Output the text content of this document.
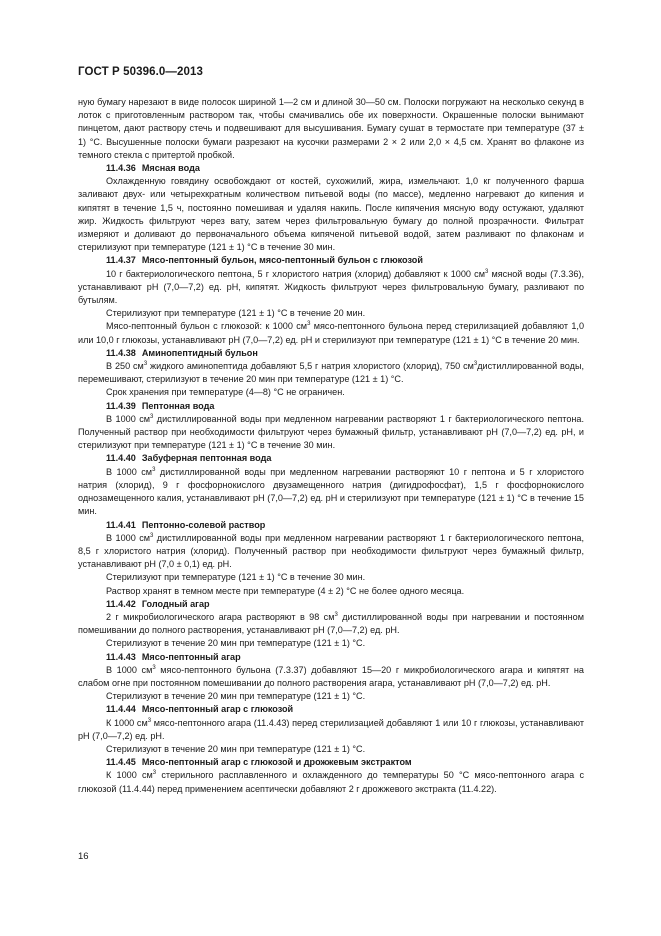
ГОСТ Р 50396.0—2013

ную бумагу нарезают в виде полосок шириной 1—2 см и длиной 30—50 см. Полоски погружают на несколько секунд в лоток с приготовленным раствором так, чтобы смачивались обе их поверхности. Окрашенные полоски вынимают пинцетом, дают раствору стечь и подвешивают для высушивания. Бумагу сушат в термостате при температуре (37 ± 1) °C. Высушенные полоски бумаги разрезают на кусочки размерами 2 × 2 или 2,0 × 4,5 см. Хранят во флаконе из темного стекла с притертой пробкой.

11.4.36 Мясная вода

Охлажденную говядину освобождают от костей, сухожилий, жира, измельчают. 1,0 кг полученного фарша заливают двух- или четырехкратным количеством питьевой воды (по массе), медленно нагревают до кипения и кипятят в течение 1,5 ч, постоянно помешивая и удаляя накипь. После кипячения мясную воду остужают, удаляют жир. Жидкость фильтруют через вату, затем через фильтровальную бумагу до полной прозрачности. Фильтрат измеряют и доливают до первоначального объема кипяченой питьевой водой, затем разливают по флаконам и стерилизуют при температуре (121 ± 1) °C в течение 30 мин.

11.4.37 Мясо-пептонный бульон, мясо-пептонный бульон с глюкозой

10 г бактериологического пептона, 5 г хлористого натрия (хлорид) добавляют к 1000 $см^3$ мясной воды (7.3.36), устанавливают pH (7,0—7,2) ед. pH, кипятят. Жидкость фильтруют через фильтровальную бумагу, разливают по бутылям.

Стерилизуют при температуре (121 ± 1) °C в течение 20 мин.

Мясо-пептонный бульон с глюкозой: к 1000 $см^3$ мясо-пептонного бульона перед стерилизацией добавляют 1,0 или 10,0 г глюкозы, устанавливают pH (7,0—7,2) ед. pH и стерилизуют при температуре (121 ± 1) °C в течение 20 мин.

11.4.38 Аминопептидный бульон

В 250 $см^3$ жидкого аминопептида добавляют 5,5 г натрия хлористого (хлорид), 750 $см^3дистиллированной$ воды, перемешивают, стерилизуют в течение 20 мин при температуре (121 ± 1) °C.

Срок хранения при температуре (4—8) °C не ограничен.

11.4.39 Пептонная вода

В 1000 $см^3$ дистиллированной воды при медленном нагревании растворяют 1 г бактериологического пептона. Полученный раствор при необходимости фильтруют через бумажный фильтр, устанавливают pH (7,0—7,2) ед. pH, и стерилизуют при температуре (121 ± 1) °C в течение 30 мин.

11.4.40 Забуферная пептонная вода

В 1000 $см^3$ дистиллированной воды при медленном нагревании растворяют 10 г пептона и 5 г хлористого натрия (хлорид), 9 г фосфорнокислого двузамещенного натрия (дигидрофосфат), 1,5 г фосфорнокислого однозамещенного калия, устанавливают pH (7,0—7,2) ед. pH и стерилизуют при температуре (121 ± 1) °C в течение 15 мин.

11.4.41 Пептонно-солевой раствор

В 1000 $см^3$ дистиллированной воды при медленном нагревании растворяют 1 г бактериологического пептона, 8,5 г хлористого натрия (хлорид). Полученный раствор при необходимости фильтруют через бумажный фильтр, устанавливают pH (7,0 ± 0,1) ед. pH.

Стерилизуют при температуре (121 ± 1) °C в течение 30 мин.

Раствор хранят в темном месте при температуре (4 ± 2) °C не более одного месяца.

11.4.42 Голодный агар

2 г микробиологического агара растворяют в 98 $см^3$ дистиллированной воды при нагревании и постоянном помешивании до полного растворения, устанавливают pH (7,0—7,2) ед. pH.

Стерилизуют в течение 20 мин при температуре (121 ± 1) °C.

11.4.43 Мясо-пептонный агар

В 1000 $см^3$ мясо-пептонного бульона (7.3.37) добавляют 15—20 г микробиологического агара и кипятят на слабом огне при постоянном помешивании до полного растворения агара, устанавливают pH (7,0—7,2) ед. pH.

Стерилизуют в течение 20 мин при температуре (121 ± 1) °C.

11.4.44 Мясо-пептонный агар с глюкозой

К 1000 $см^3$ мясо-пептонного агара (11.4.43) перед стерилизацией добавляют 1 или 10 г глюкозы, устанавливают pH (7,0—7,2) ед. pH.

Стерилизуют в течение 20 мин при температуре (121 ± 1) °C.

11.4.45 Мясо-пептонный агар с глюкозой и дрожжевым экстрактом

К 1000 $см^3$ стерильного расплавленного и охлажденного до температуры 50 °C мясо-пептонного агара с глюкозой (11.4.44) перед применением асептически добавляют 2 г дрожжевого экстракта (11.4.22).

16
